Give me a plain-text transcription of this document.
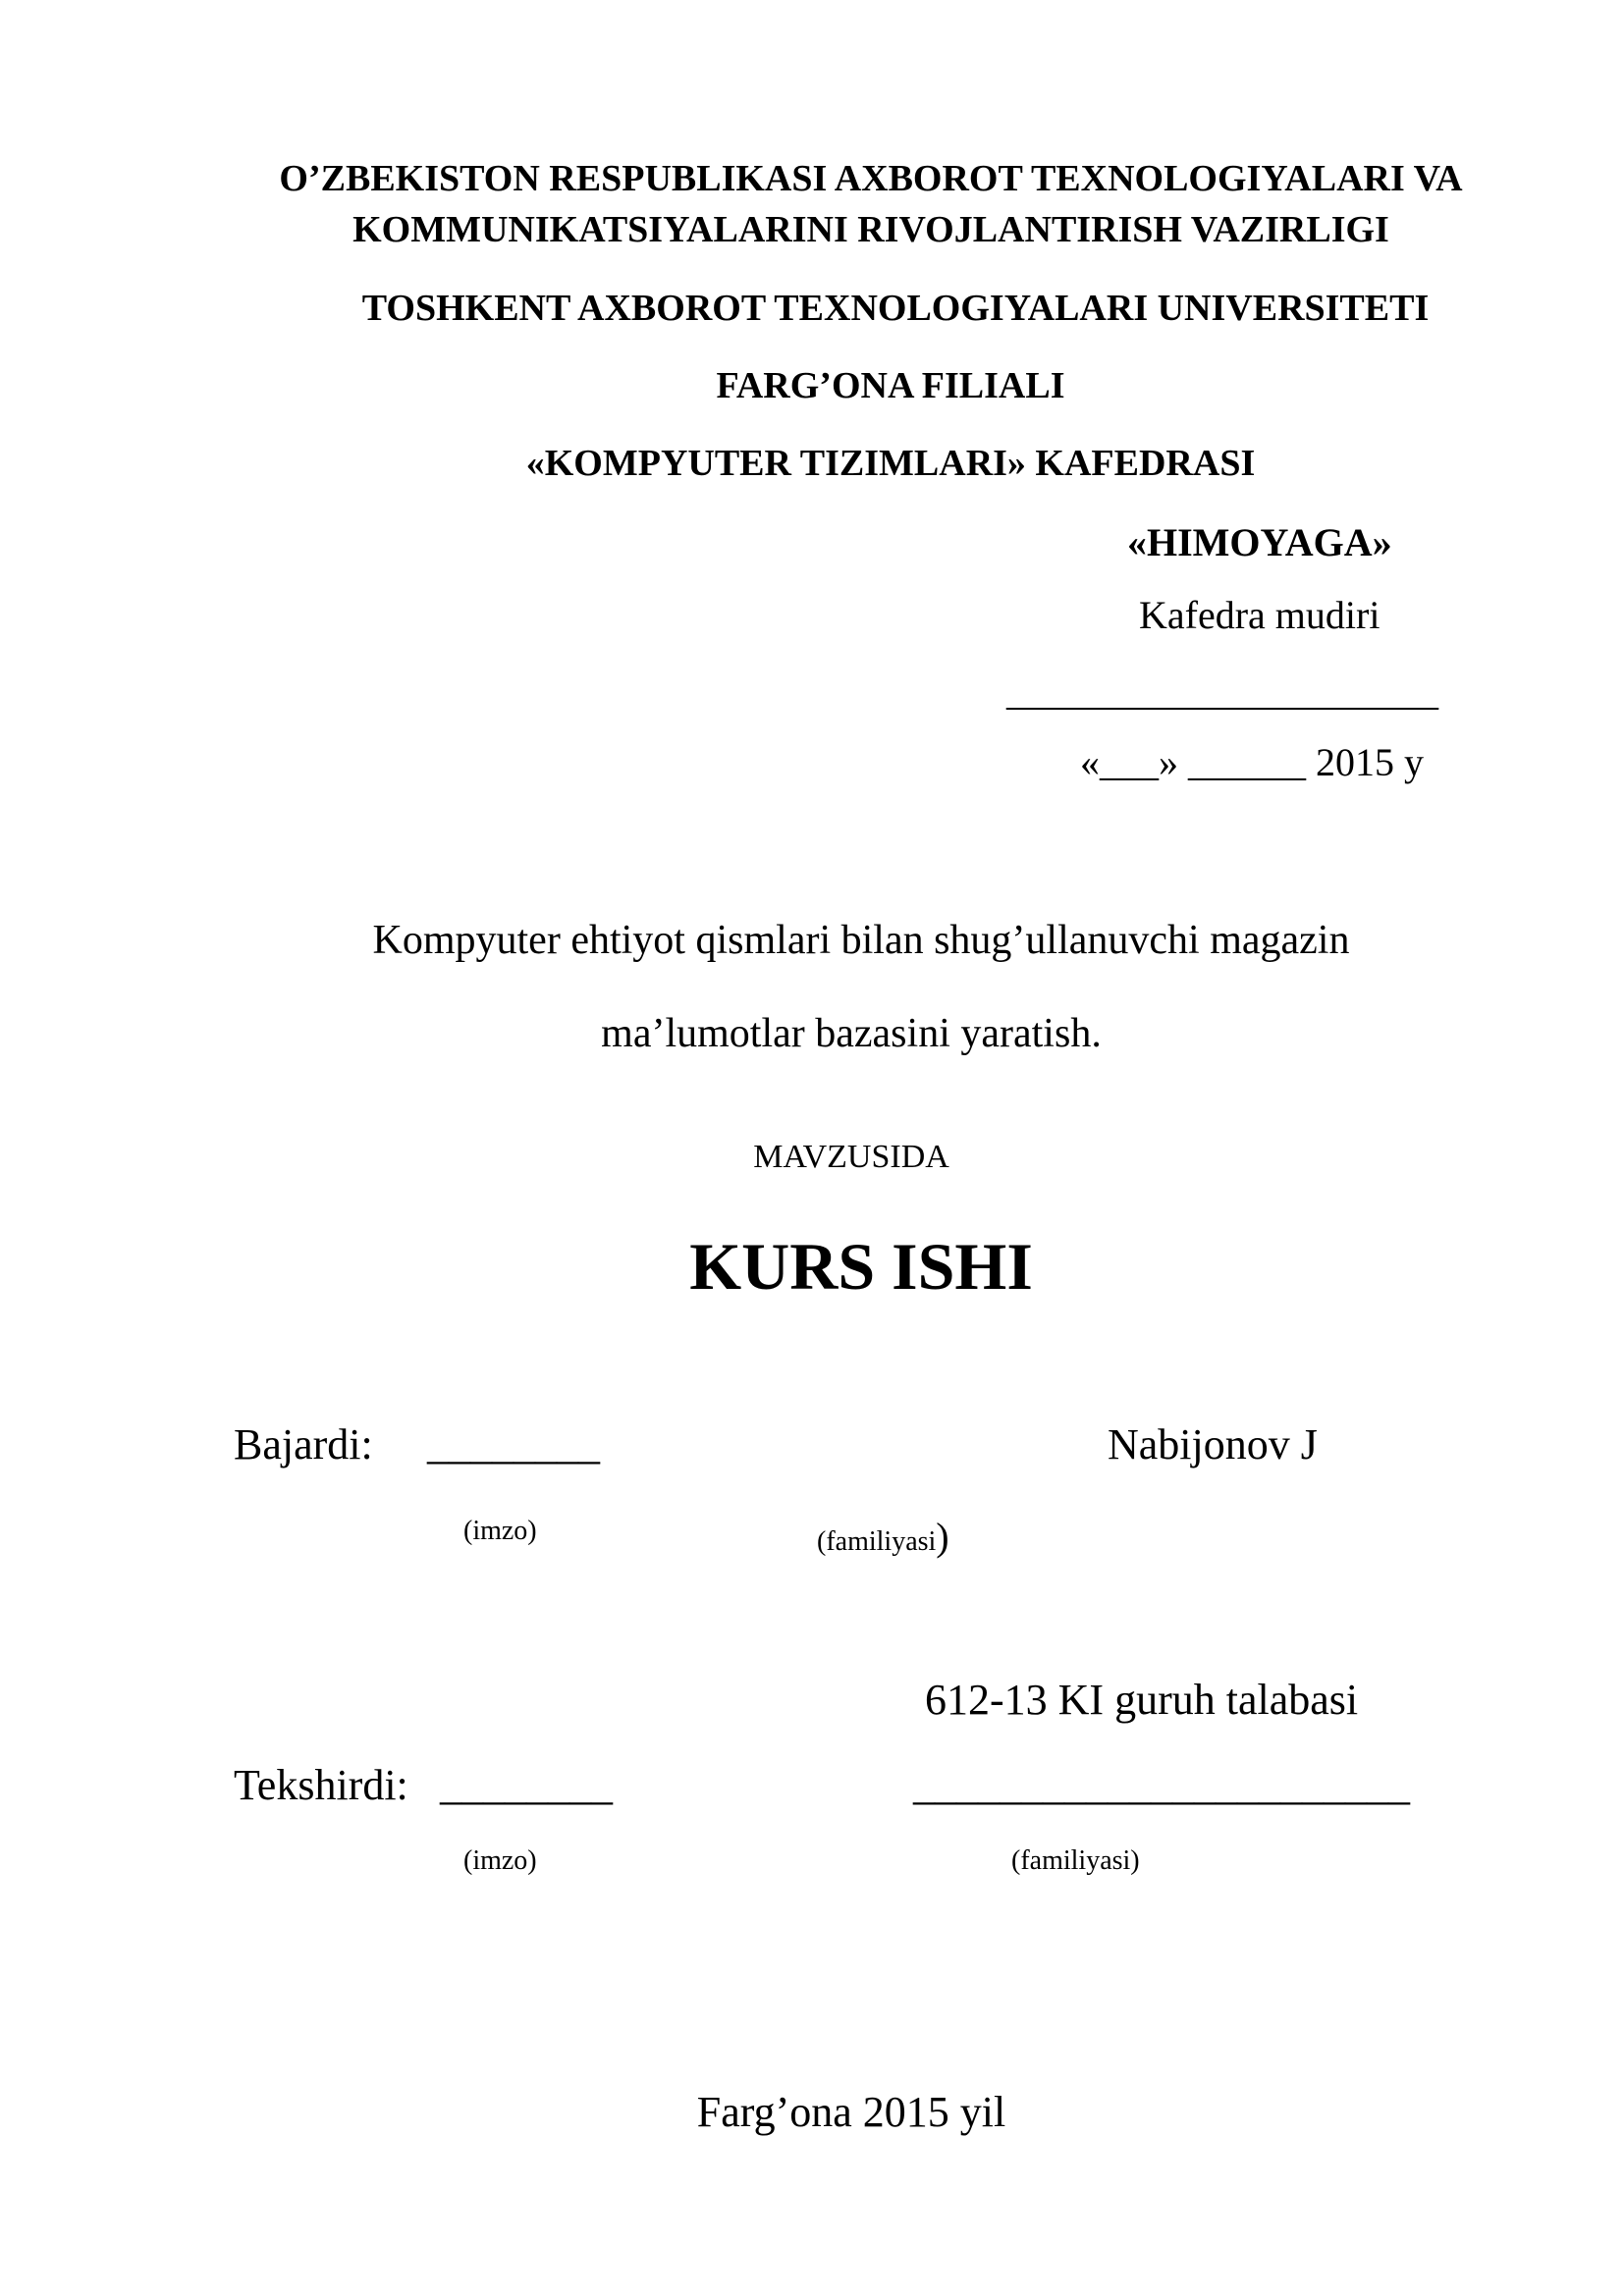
O’ZBEKISTON RESPUBLIKASI AXBOROT TEXNOLOGIYALARI VA
KOMMUNIKATSIYALARINI RIVOJLANTIRISH VAZIRLIGI
TOSHKENT AXBOROT TEXNOLOGIYALARI UNIVERSITETI
FARG’ONA FILIALI
«KOMPYUTER TIZIMLARI» KAFEDRASI
«HIMOYAGA»
Kafedra mudiri
______________________
«___» ______ 2015 y
Kompyuter ehtiyot qismlari bilan shug’ullanuvchi magazin
ma’lumotlar bazasini yaratish.
MAVZUSIDA
KURS ISHI
Bajardi: ________	Nabijonov J
(imzo)	(familiyasi)
612-13 KI guruh talabasi
Tekshirdi: ________	_______________________
(imzo)	(familiyasi)
Farg’ona 2015 yil
